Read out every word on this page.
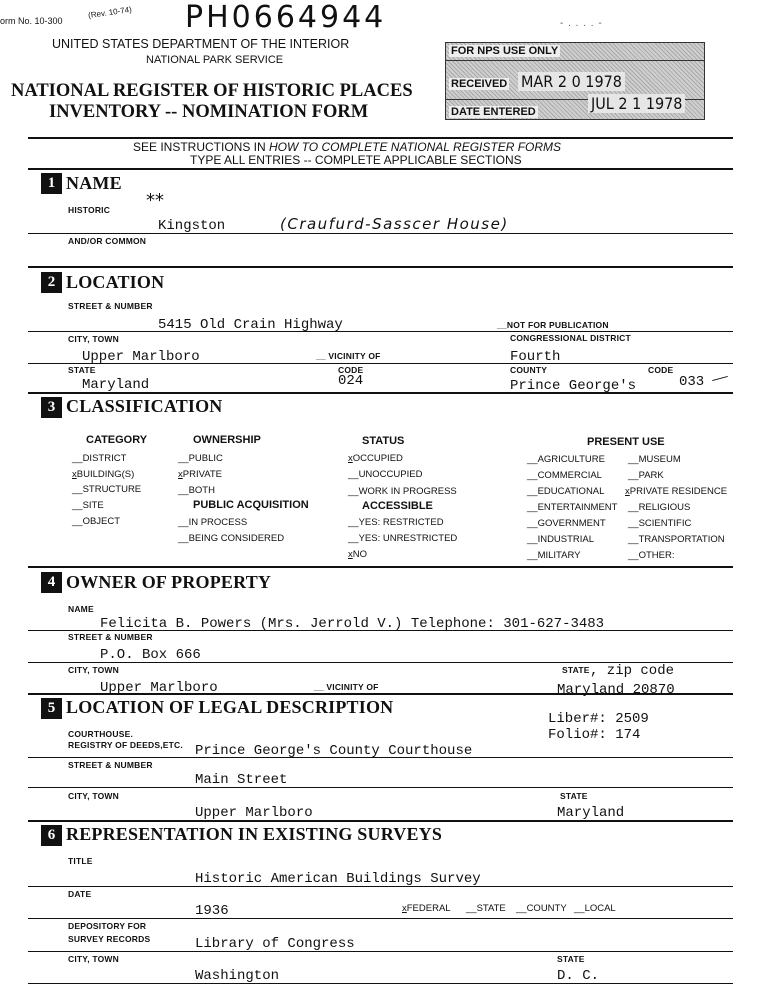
orm No. 10-300
(Rev. 10-74) PH0664944	- . . . . -
UNITED STATES DEPARTMENT OF THE INTERIOR
NATIONAL PARK SERVICE
NATIONAL REGISTER OF HISTORIC PLACES
INVENTORY -- NOMINATION FORM
FOR NPS USE ONLY
RECEIVED MAR 2 0 1978
DATE ENTERED	JUL 2 1 1978
SEE INSTRUCTIONS IN HOW TO COMPLETE NATIONAL REGISTER FORMS
TYPE ALL ENTRIES -- COMPLETE APPLICABLE SECTIONS
1 NAME
HISTORIC **
Kingston	(Craufurd-Sasscer House)
AND/OR COMMON
2 LOCATION
STREET & NUMBER
5415 Old Crain Highway	__NOT FOR PUBLICATION
CITY, TOWN	CONGRESSIONAL DISTRICT
Upper Marlboro	__ VICINITY OF	Fourth
STATE	CODE	COUNTY	CODE
Maryland	024	Prince George's	033
3 CLASSIFICATION
CATEGORY
__DISTRICT
xBUILDING(S)
__STRUCTURE
__SITE
__OBJECT
OWNERSHIP
__PUBLIC
xPRIVATE
__BOTH
PUBLIC ACQUISITION
__IN PROCESS
__BEING CONSIDERED
STATUS
xOCCUPIED
__UNOCCUPIED
__WORK IN PROGRESS
ACCESSIBLE
__YES: RESTRICTED
__YES: UNRESTRICTED
xNO
PRESENT USE
__AGRICULTURE
__COMMERCIAL
__EDUCATIONAL
__ENTERTAINMENT
__GOVERNMENT
__INDUSTRIAL
__MILITARY
__MUSEUM
__PARK
xPRIVATE RESIDENCE
__RELIGIOUS
__SCIENTIFIC
__TRANSPORTATION
__OTHER:
4 OWNER OF PROPERTY
NAME
Felicita B. Powers (Mrs. Jerrold V.) Telephone: 301-627-3483
STREET & NUMBER
P.O. Box 666
CITY, TOWN	STATE , zip code
Upper Marlboro	__ VICINITY OF	Maryland 20870
5 LOCATION OF LEGAL DESCRIPTION
Liber#: 2509
Folio#: 174
COURTHOUSE.
REGISTRY OF DEEDS,ETC. Prince George's County Courthouse
STREET & NUMBER
Main Street
CITY, TOWN	STATE
Upper Marlboro	Maryland
6 REPRESENTATION IN EXISTING SURVEYS
TITLE
Historic American Buildings Survey
DATE
1936	xFEDERAL __STATE __COUNTY __LOCAL
DEPOSITORY FOR
SURVEY RECORDS	Library of Congress
CITY, TOWN	STATE
Washington	D. C.
